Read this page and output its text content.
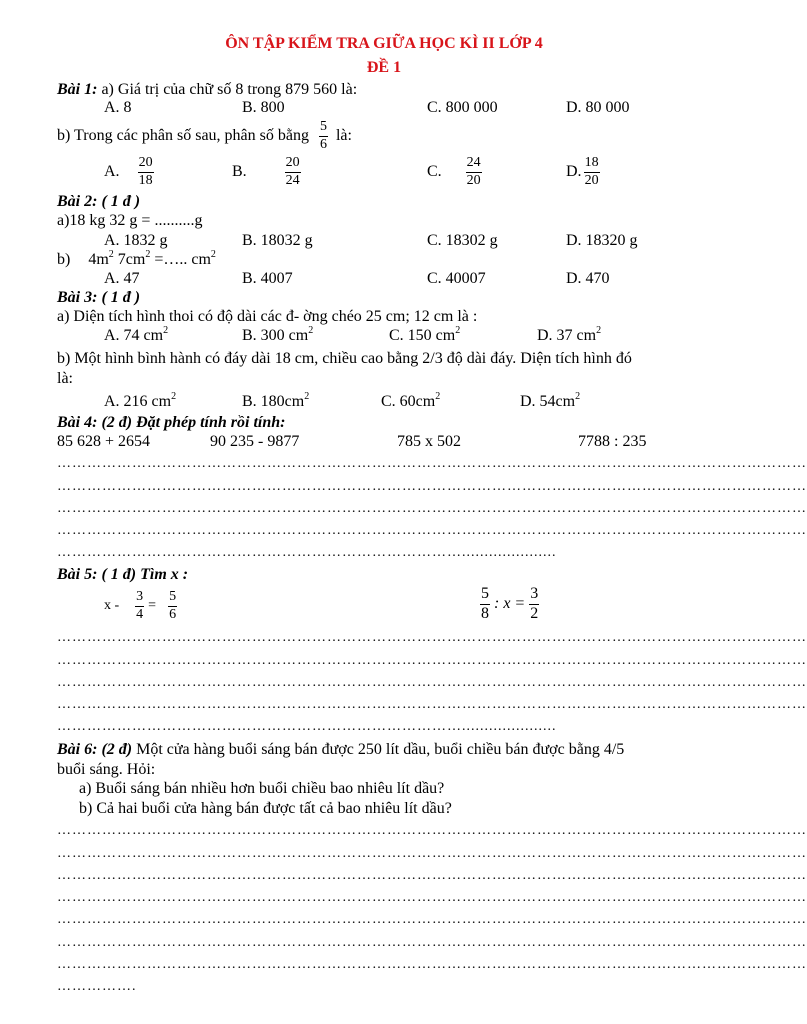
ÔN TẬP KIỂM TRA GIỮA HỌC KÌ II LỚP 4
ĐỀ 1
Bài 1: a) Giá trị của chữ số 8 trong 879 560 là:
A. 8	B. 800	C. 800 000	D. 80 000
b) Trong các phân số sau, phân số bằng $\frac{5}{6}$ là:
A. $\frac{20}{18}$	B.	$\frac{20}{24}$	C. $\frac{24}{20}$	D. $\frac{18}{20}$
Bài 2: ( 1 đ )
a)18 kg 32 g = ..........g
A. 1832 g	B. 18032 g	C. 18302 g	D. 18320 g
b) $4m^2$ $7cm^2$ =….. $cm^2$
A. 47	B. 4007	C. 40007	D. 470
Bài 3: ( 1 đ )
a) Diện tích hình thoi có độ dài các đ- ờng chéo 25 cm; 12 cm là :
A. 74 $cm^2$	B. 300 $cm^2$	C. 150 $cm^2$	D. 37 $cm^2$
b) Một hình bình hành có đáy dài 18 cm, chiều cao bằng 2/3 độ dài đáy. Diện tích hình đó
là:
A. 216 $cm^2$	B. $180cm^2$	C. $60cm^2$	D. $54cm^2$
Bài 4: (2 đ) Đặt phép tính rồi tính:
85 628 + 2654	90 235 - 9877	785 x 502	7788 : 235
……………………………………………………………………………………………………………………………………
……………………………………………………………………………………………………………………………………
……………………………………………………………………………………………………………………………………
……………………………………………………………………………………………………………………………………
……………………………………………………………………….....................
Bài 5: ( 1 đ) Tìm x :
$x - \frac{3}{4} = \frac{5}{6}$	$\frac{5}{8}$ : $x = \frac{3}{2}$
……………………………………………………………………………………………………………………………………
……………………………………………………………………………………………………………………………………
……………………………………………………………………………………………………………………………………
……………………………………………………………………………………………………………………………………
……………………………………………………………………….....................
Bài 6: (2 đ) Một cửa hàng buổi sáng bán được 250 lít dầu, buổi chiều bán được bằng 4/5
buổi sáng. Hỏi:
a) Buổi sáng bán nhiều hơn buổi chiều bao nhiêu lít dầu?
b) Cả hai buổi cửa hàng bán được tất cả bao nhiêu lít dầu?
……………………………………………………………………………………………………………………………………
……………………………………………………………………………………………………………………………………
……………………………………………………………………………………………………………………………………
……………………………………………………………………………………………………………………………………
……………………………………………………………………………………………………………………………………
……………………………………………………………………………………………………………………………………
……………………………………………………………………………………………………………………………………
…………….
